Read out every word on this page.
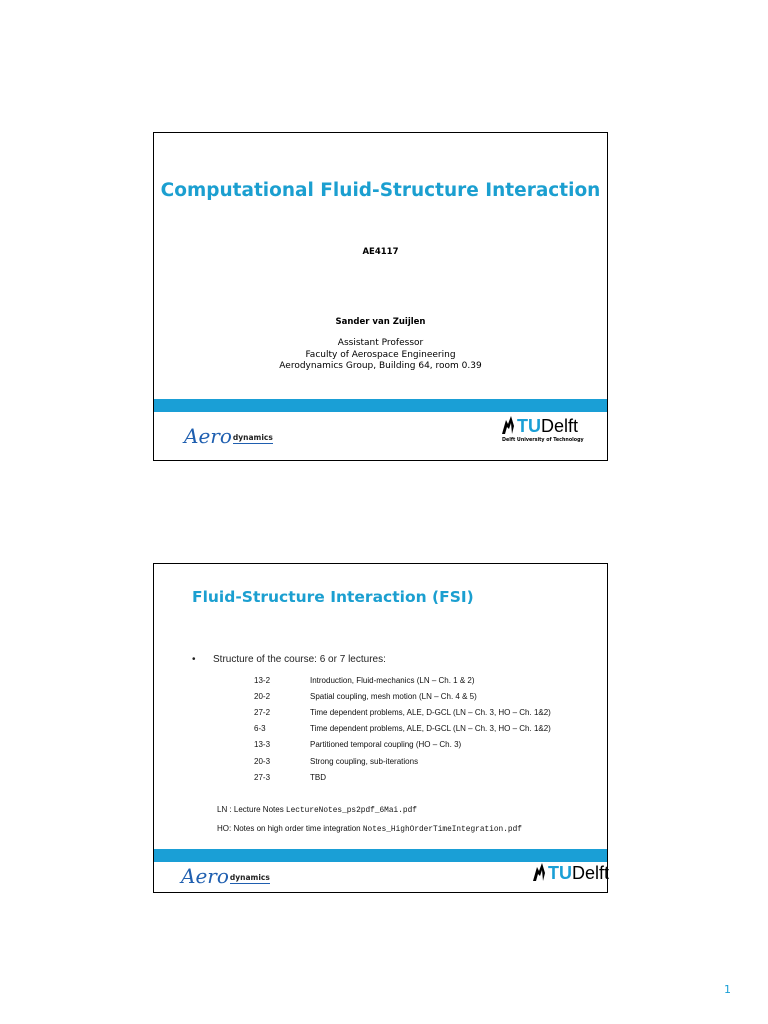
Computational Fluid-Structure Interaction
AE4117
Sander van Zuijlen
Assistant Professor
Faculty of Aerospace Engineering
Aerodynamics Group, Building 64, room 0.39
Aero dynamics
TUDelft
Delft University of Technology
Fluid-Structure Interaction (FSI)
• Structure of the course: 6 or 7 lectures:
13-2	Introduction, Fluid-mechanics (LN – Ch. 1 & 2)
20-2	Spatial coupling, mesh motion (LN – Ch. 4 & 5)
27-2	Time dependent problems, ALE, D-GCL (LN – Ch. 3, HO – Ch. 1&2)
6-3	Time dependent problems, ALE, D-GCL (LN – Ch. 3, HO – Ch. 1&2)
13-3	Partitioned temporal coupling (HO – Ch. 3)
20-3	Strong coupling, sub-iterations
27-3	TBD
LN : Lecture Notes LectureNotes_ps2pdf_6Mai.pdf
HO: Notes on high order time integration Notes_HighOrderTimeIntegration.pdf
Aero dynamics	TUDelft
1
